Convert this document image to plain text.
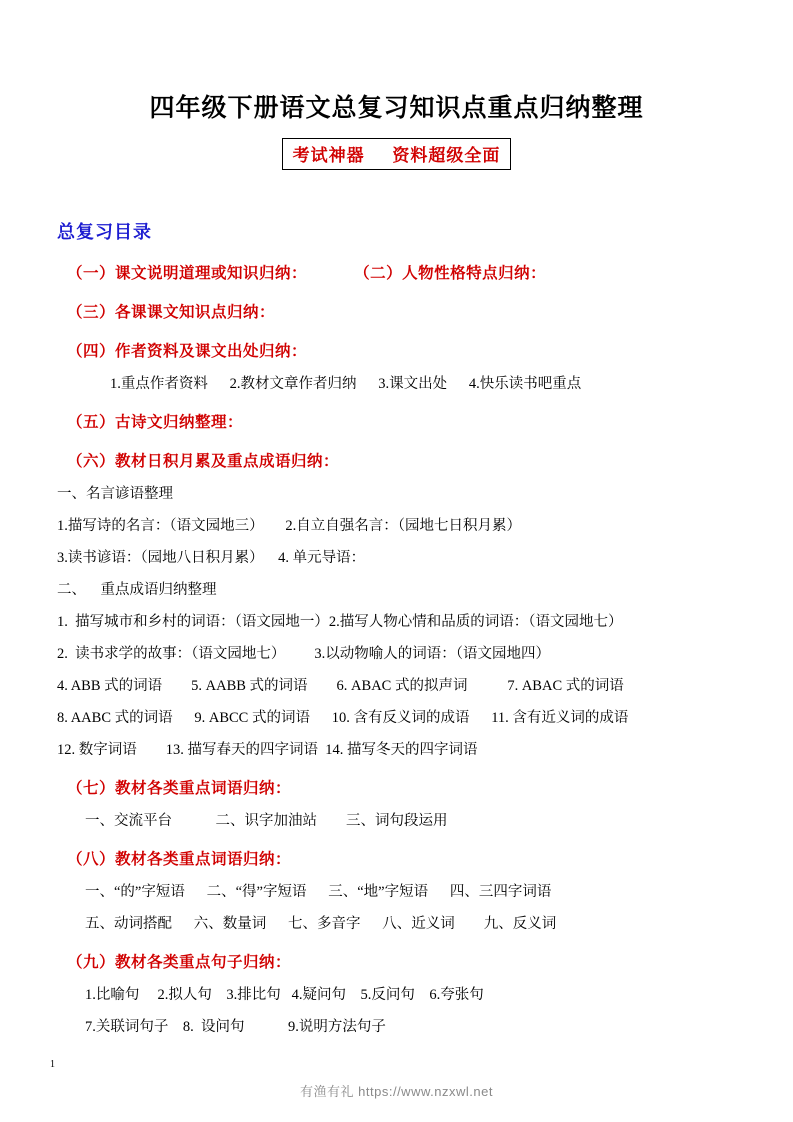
四年级下册语文总复习知识点重点归纳整理
考试神器    资料超级全面
总复习目录
（一）课文说明道理或知识归纳：        （二）人物性格特点归纳：
（三）各课课文知识点归纳：
（四）作者资料及课文出处归纳：
1.重点作者资料      2.教材文章作者归纳      3.课文出处      4.快乐读书吧重点
（五）古诗文归纳整理：
（六）教材日积月累及重点成语归纳：
一、名言谚语整理
1.描写诗的名言：（语文园地三）      2.自立自强名言：（园地七日积月累）
3.读书谚语：（园地八日积月累）    4. 单元导语：
二、    重点成语归纳整理
1.  描写城市和乡村的词语：（语文园地一）2.描写人物心情和品质的词语：（语文园地七）
2.  读书求学的故事：（语文园地七）        3.以动物喻人的词语：（语文园地四）
4. ABB 式的词语        5. AABB 式的词语        6. ABAC 式的拟声词           7. ABAC 式的词语
8. AABC 式的词语      9. ABCC 式的词语      10. 含有反义词的成语      11. 含有近义词的成语
12. 数字词语        13. 描写春天的四字词语  14. 描写冬天的四字词语
（七）教材各类重点词语归纳：
一、交流平台            二、识字加油站        三、词句段运用
（八）教材各类重点词语归纳：
一、“的”字短语      二、“得”字短语      三、“地”字短语      四、三四字词语
五、动词搭配      六、数量词      七、多音字      八、近义词        九、反义词
（九）教材各类重点句子归纳：
1.比喻句     2.拟人句    3.排比句   4.疑问句    5.反问句    6.夸张句
7.关联词句子    8.  设问句            9.说明方法句子
1
有渔有礼 https://www.nzxwl.net
